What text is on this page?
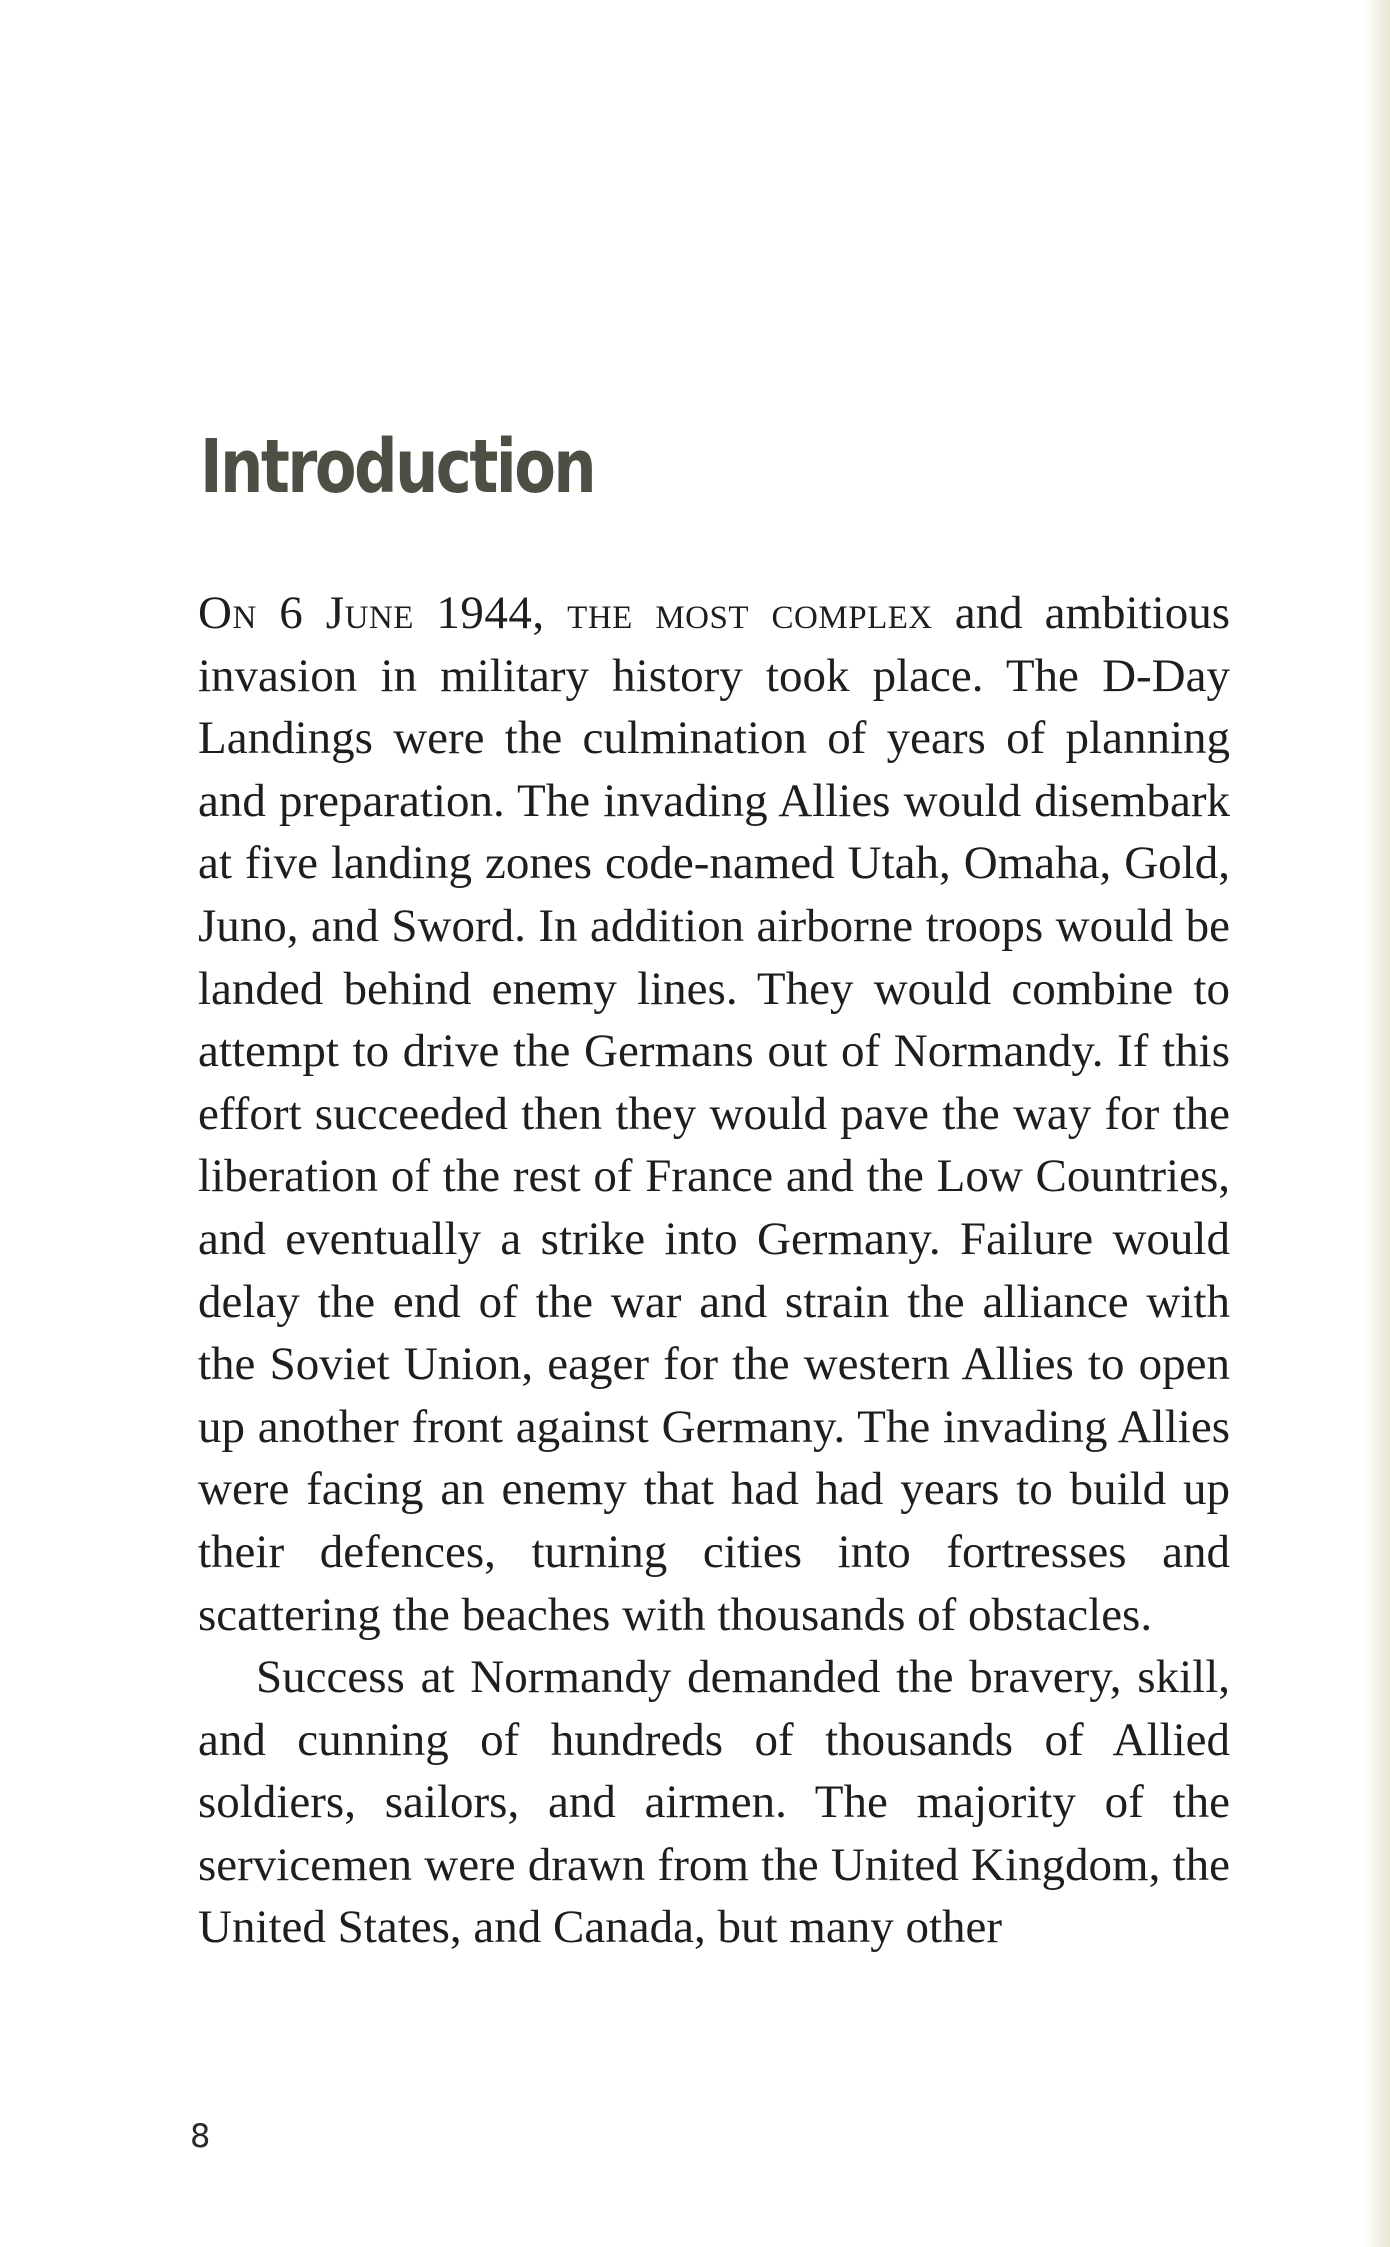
Introduction

On 6 June 1944, the most complex and ambitious invasion in military history took place. The D-Day Landings were the culmination of years of planning and preparation. The invading Allies would disembark at five landing zones code-named Utah, Omaha, Gold, Juno, and Sword. In addition airborne troops would be landed behind enemy lines. They would combine to attempt to drive the Germans out of Normandy. If this effort succeeded then they would pave the way for the liberation of the rest of France and the Low Countries, and eventually a strike into Germany. Failure would delay the end of the war and strain the alliance with the Soviet Union, eager for the western Allies to open up another front against Germany. The invading Allies were facing an enemy that had had years to build up their defences, turning cities into fortresses and scattering the beaches with thousands of obstacles.

Success at Normandy demanded the bravery, skill, and cunning of hundreds of thousands of Allied soldiers, sailors, and airmen. The majority of the servicemen were drawn from the United Kingdom, the United States, and Canada, but many other

8
